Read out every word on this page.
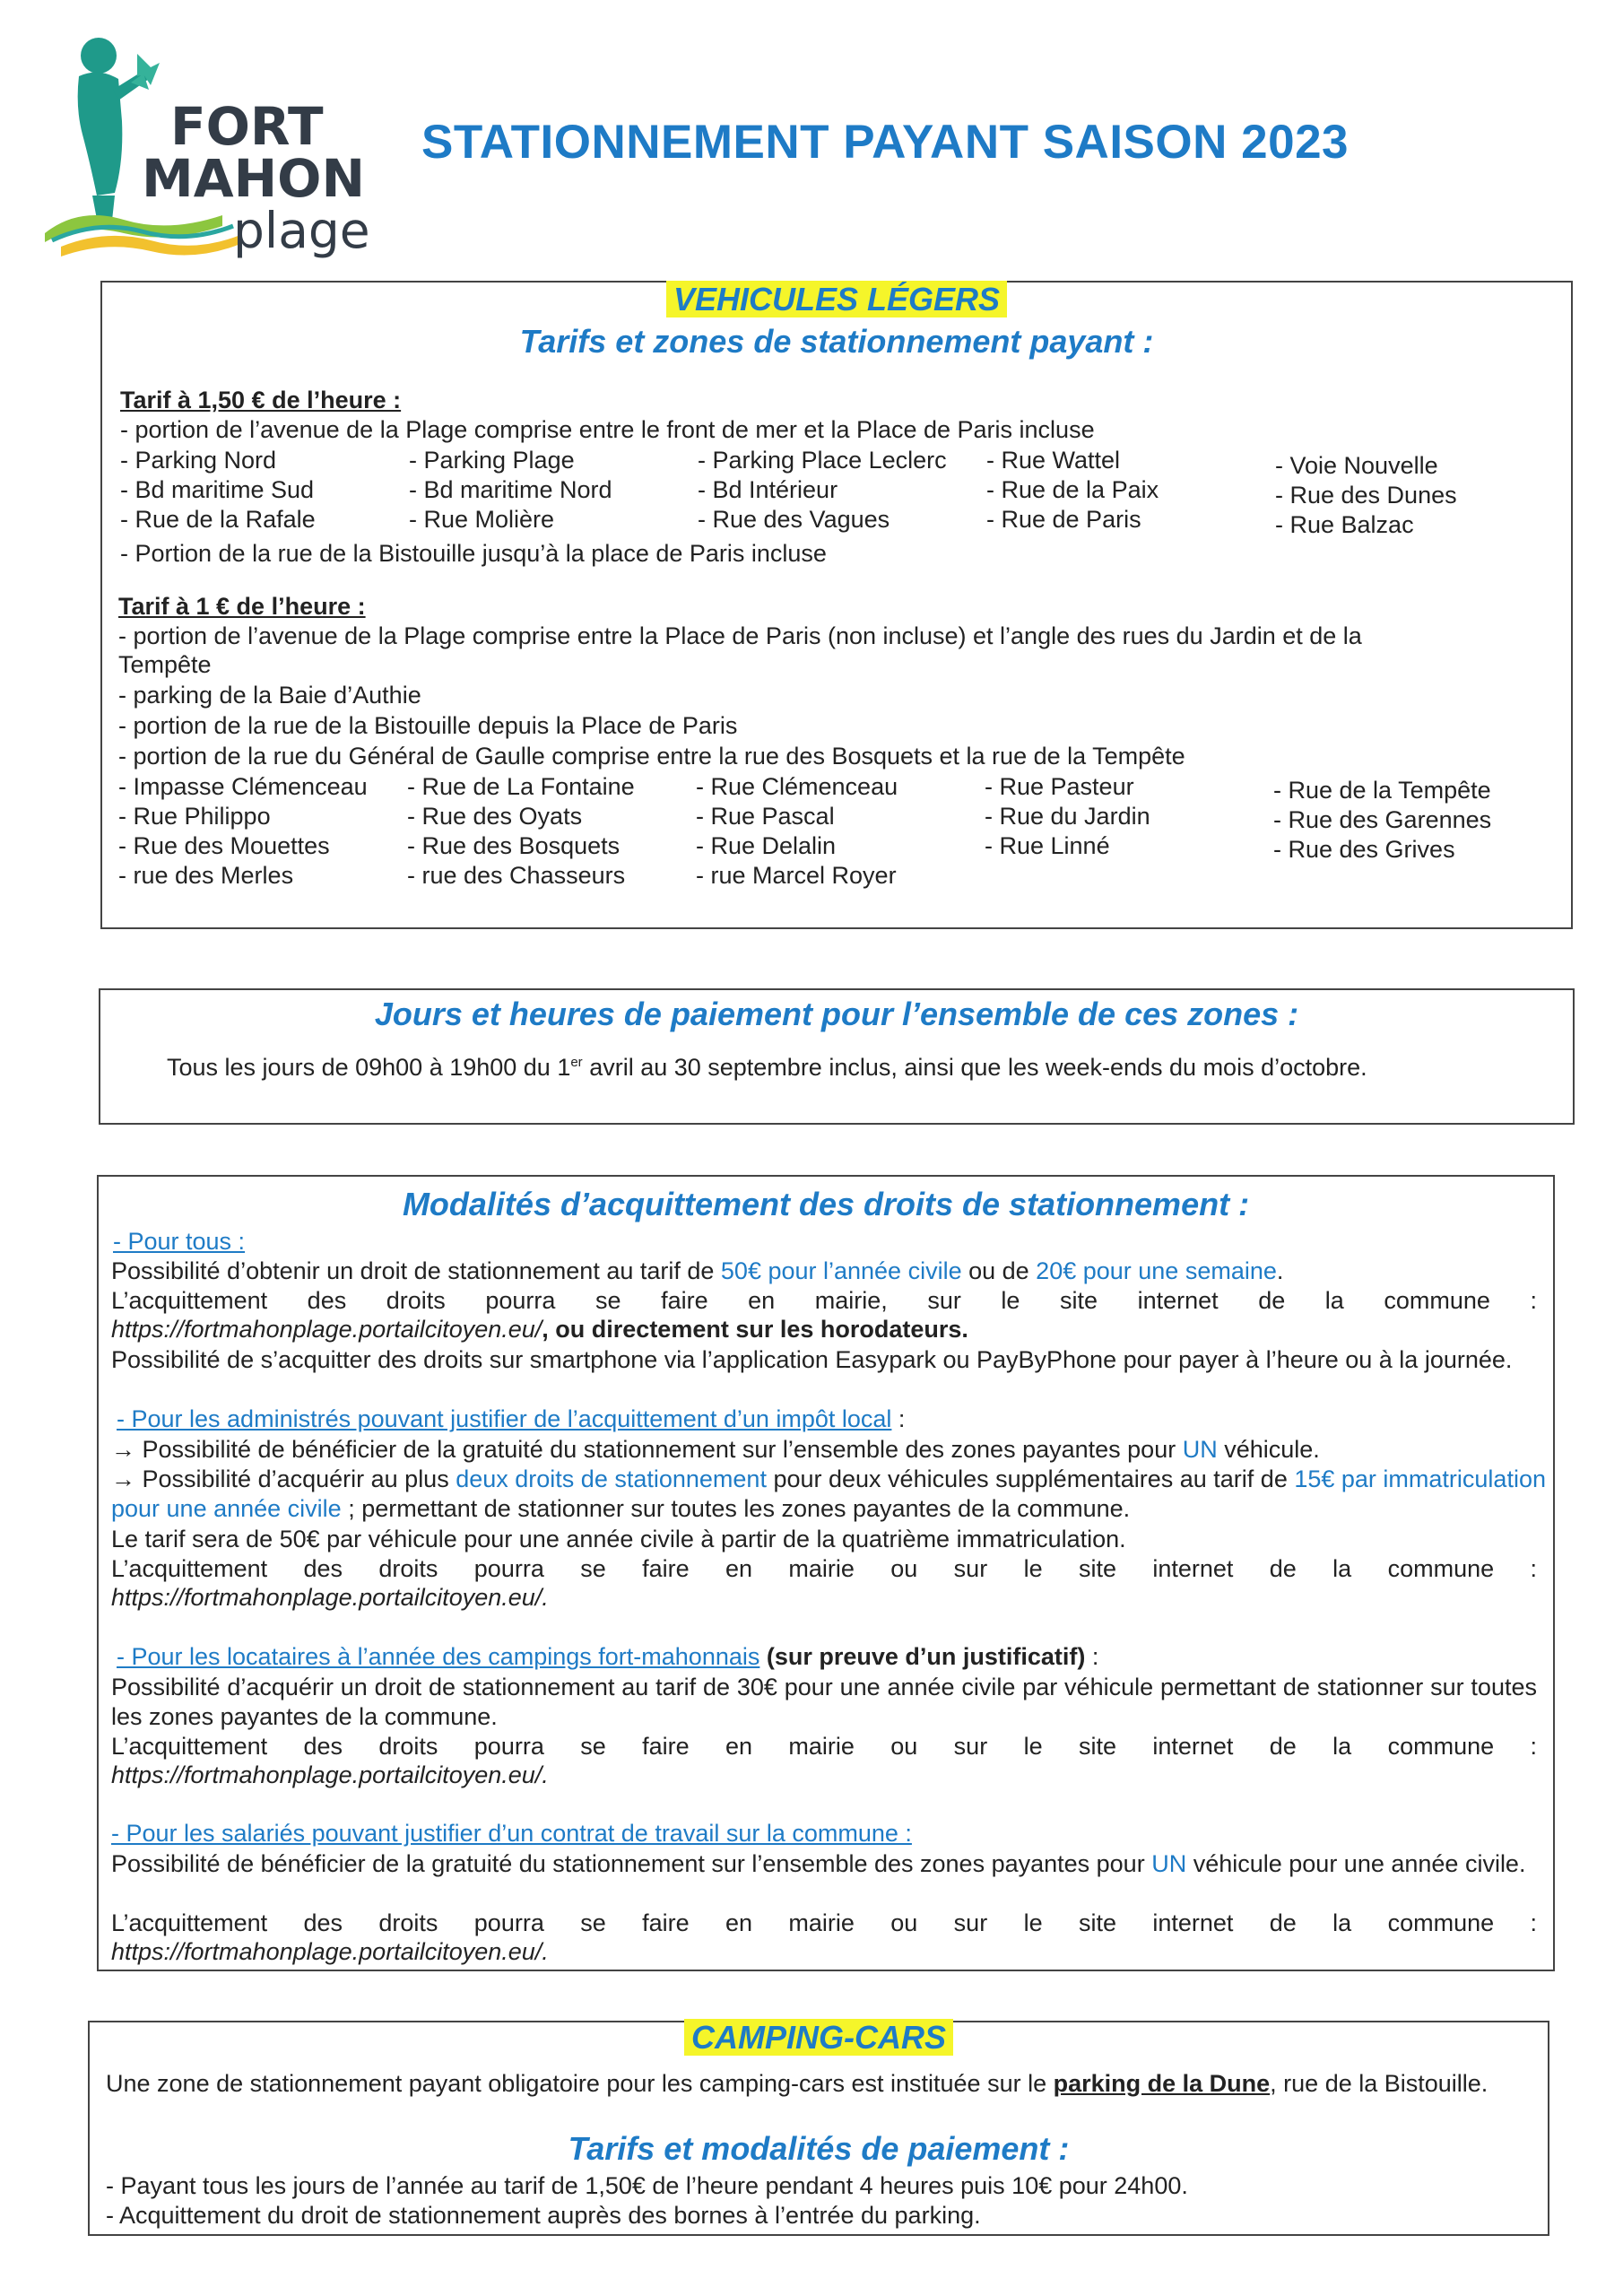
FORT
MAHON
plage
STATIONNEMENT PAYANT SAISON 2023
VEHICULES LÉGERS
Tarifs et zones de stationnement payant :
Tarif à 1,50 € de l’heure :
- portion de l’avenue de la Plage comprise entre le front de mer et la Place de Paris incluse
- Parking Nord
- Bd maritime Sud
- Rue de la Rafale
- Parking Plage
- Bd maritime Nord
- Rue Molière
- Parking Place Leclerc
- Bd Intérieur
- Rue des Vagues
- Rue Wattel
- Rue de la Paix
- Rue de Paris
- Voie Nouvelle
- Rue des Dunes
- Rue Balzac
- Portion de la rue de la Bistouille jusqu’à la place de Paris incluse
Tarif à 1 € de l’heure :
- portion de l’avenue de la Plage comprise entre la Place de Paris (non incluse) et l’angle des rues du Jardin et de la
Tempête
- parking de la Baie d’Authie
- portion de la rue de la Bistouille depuis la Place de Paris
- portion de la rue du Général de Gaulle comprise entre la rue des Bosquets et la rue de la Tempête
- Impasse Clémenceau
- Rue Philippo
- Rue des Mouettes
- rue des Merles
- Rue de La Fontaine
- Rue des Oyats
- Rue des Bosquets
- rue des Chasseurs
- Rue Clémenceau
- Rue Pascal
- Rue Delalin
- rue Marcel Royer
- Rue Pasteur
- Rue du Jardin
- Rue Linné
- Rue de la Tempête
- Rue des Garennes
- Rue des Grives
Jours et heures de paiement pour l’ensemble de ces zones :
Tous les jours de 09h00 à 19h00 du 1er avril au 30 septembre inclus, ainsi que les week-ends du mois d’octobre.
Modalités d’acquittement des droits de stationnement :
- Pour tous :
Possibilité d’obtenir un droit de stationnement au tarif de 50€ pour l’année civile ou de 20€ pour une semaine.
L’acquittement des droits pourra se faire en mairie, sur le site internet de la commune :
https://fortmahonplage.portailcitoyen.eu/, ou directement sur les horodateurs.
Possibilité de s’acquitter des droits sur smartphone via l’application Easypark ou PayByPhone pour payer à l’heure ou à la journée.
- Pour les administrés pouvant justifier de l’acquittement d’un impôt local :
→ Possibilité de bénéficier de la gratuité du stationnement sur l’ensemble des zones payantes pour UN véhicule.
→ Possibilité d’acquérir au plus deux droits de stationnement pour deux véhicules supplémentaires au tarif de 15€ par immatriculation pour une année civile ; permettant de stationner sur toutes les zones payantes de la commune.
Le tarif sera de 50€ par véhicule pour une année civile à partir de la quatrième immatriculation.
L’acquittement des droits pourra se faire en mairie ou sur le site internet de la commune :
https://fortmahonplage.portailcitoyen.eu/.
- Pour les locataires à l’année des campings fort-mahonnais (sur preuve d’un justificatif) :
Possibilité d’acquérir un droit de stationnement au tarif de 30€ pour une année civile par véhicule permettant de stationner sur toutes les zones payantes de la commune.
L’acquittement des droits pourra se faire en mairie ou sur le site internet de la commune :
https://fortmahonplage.portailcitoyen.eu/.
- Pour les salariés pouvant justifier d’un contrat de travail sur la commune :
Possibilité de bénéficier de la gratuité du stationnement sur l’ensemble des zones payantes pour UN véhicule pour une année civile.
L’acquittement des droits pourra se faire en mairie ou sur le site internet de la commune :
https://fortmahonplage.portailcitoyen.eu/.
CAMPING-CARS
Une zone de stationnement payant obligatoire pour les camping-cars est instituée sur le parking de la Dune, rue de la Bistouille.
Tarifs et modalités de paiement :
- Payant tous les jours de l’année au tarif de 1,50€ de l’heure pendant 4 heures puis 10€ pour 24h00.
- Acquittement du droit de stationnement auprès des bornes à l’entrée du parking.
